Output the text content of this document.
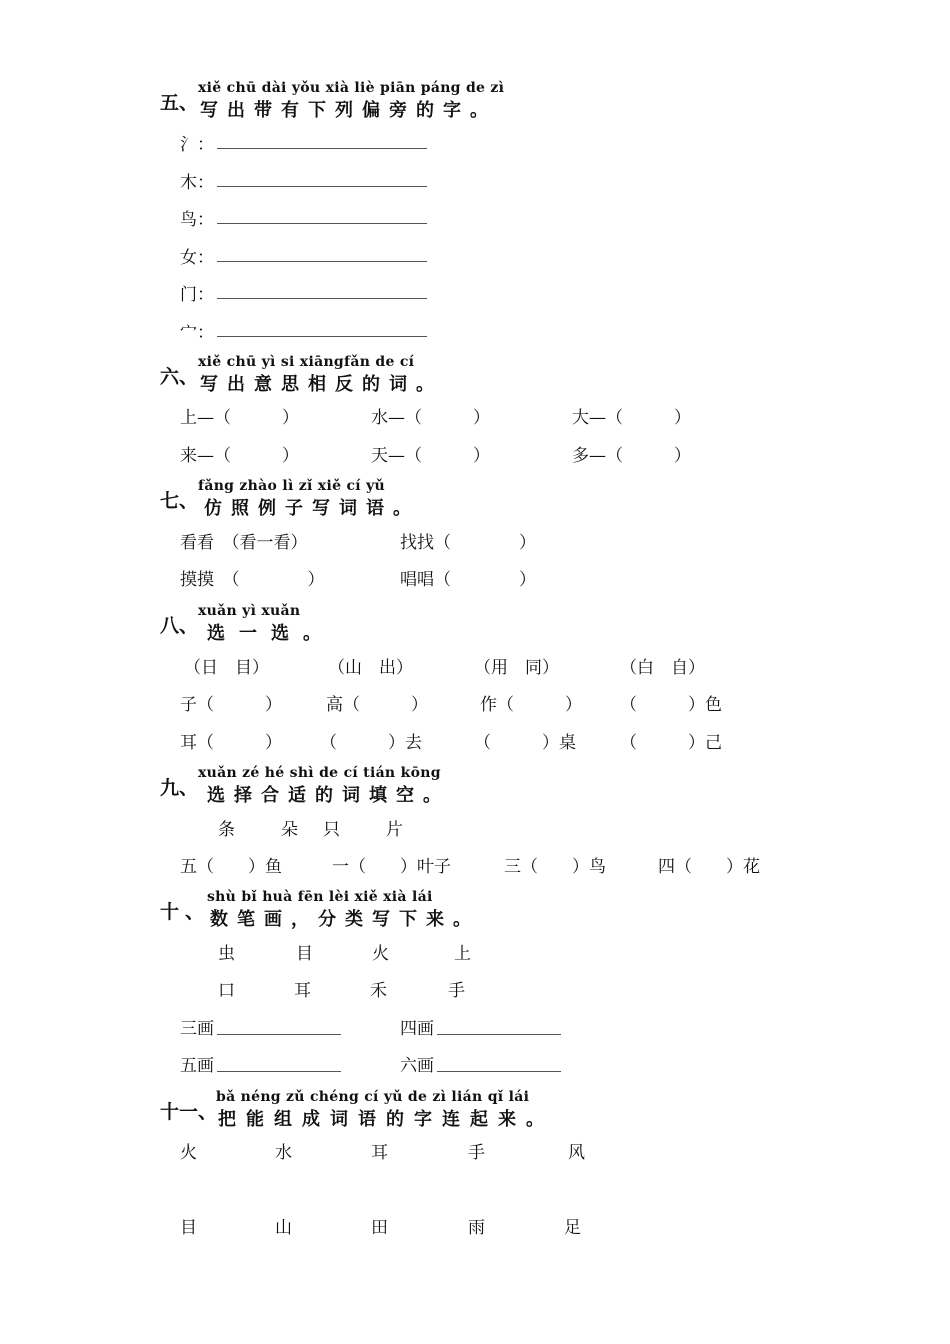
五、
xiě chū dài yǒu xià liè piān páng de zì
写出带有下列偏旁的字。
氵：
木：
鸟：
女：
门：
宀：
六、
xiě chū yì si xiāngfǎn de cí
写出意思相反的词。
上—（　　　）	水—（　　　）	大—（　　　）
来—（　　　）	天—（　　　）	多—（　　　）
七、
fǎng zhào lì zǐ xiě cí yǔ
仿照例子写词语。
看看　（看一看）	找找（　　　　）
摸摸　（　　　　）	唱唱（　　　　）
八、
xuǎn yì xuǎn
选一选。
（日　目）	（山　出）	（用　同）	（白　自）
子（　　　）	高（　　　）	作（　　　） （　　　）色
耳（　　　） （　　　）去	（　　　）桌	（　　　）己
九、
xuǎn zé hé shì de cí tián kōng
选择合适的词填空。
条　　朵　只　　片
五（　　）鱼	一（　　）叶子	三（　　）鸟	四（　　）花
十、
shù bǐ huà fēn lèi xiě xià lái
数笔画，分类写下来。
虫	目	火	上
口	耳	禾	手
三画	四画
五画	六画
十一、
bǎ néng zǔ chéng cí yǔ de zì lián qǐ lái
把能组成词语的字连起来。
火	水	耳	手	风
目	山	田	雨	足
